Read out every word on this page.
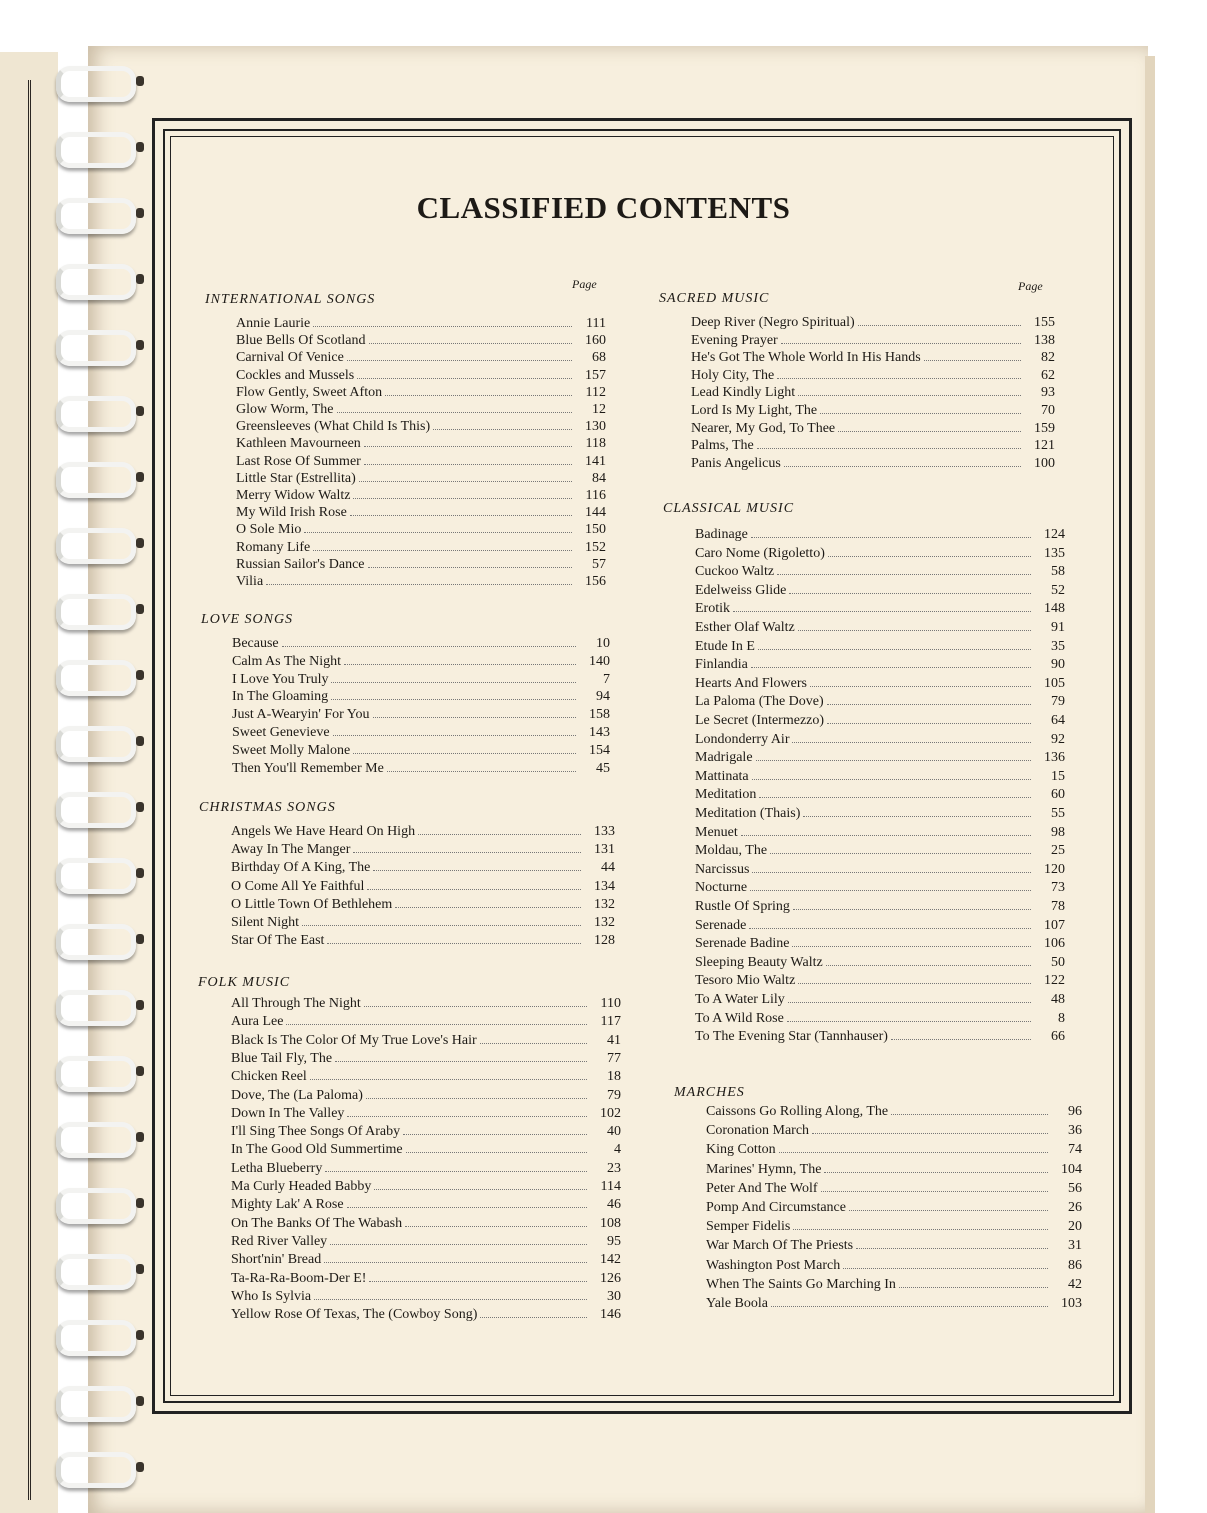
CLASSIFIED CONTENTS
Page	Page
INTERNATIONAL SONGS
Annie Laurie	111
Blue Bells Of Scotland	160
Carnival Of Venice	68
Cockles and Mussels	157
Flow Gently, Sweet Afton	112
Glow Worm, The	12
Greensleeves (What Child Is This)	130
Kathleen Mavourneen	118
Last Rose Of Summer	141
Little Star (Estrellita)	84
Merry Widow Waltz	116
My Wild Irish Rose	144
O Sole Mio	150
Romany Life	152
Russian Sailor's Dance	57
Vilia	156
LOVE SONGS
Because	10
Calm As The Night	140
I Love You Truly	7
In The Gloaming	94
Just A-Wearyin' For You	158
Sweet Genevieve	143
Sweet Molly Malone	154
Then You'll Remember Me	45
CHRISTMAS SONGS
Angels We Have Heard On High	133
Away In The Manger	131
Birthday Of A King, The	44
O Come All Ye Faithful	134
O Little Town Of Bethlehem	132
Silent Night	132
Star Of The East	128
FOLK MUSIC
All Through The Night	110
Aura Lee	117
Black Is The Color Of My True Love's Hair	41
Blue Tail Fly, The	77
Chicken Reel	18
Dove, The (La Paloma)	79
Down In The Valley	102
I'll Sing Thee Songs Of Araby	40
In The Good Old Summertime	4
Letha Blueberry	23
Ma Curly Headed Babby	114
Mighty Lak' A Rose	46
On The Banks Of The Wabash	108
Red River Valley	95
Short'nin' Bread	142
Ta-Ra-Ra-Boom-Der E!	126
Who Is Sylvia	30
Yellow Rose Of Texas, The (Cowboy Song)	146
SACRED MUSIC
Deep River (Negro Spiritual)	155
Evening Prayer	138
He's Got The Whole World In His Hands	82
Holy City, The	62
Lead Kindly Light	93
Lord Is My Light, The	70
Nearer, My God, To Thee	159
Palms, The	121
Panis Angelicus	100
CLASSICAL MUSIC
Badinage	124
Caro Nome (Rigoletto)	135
Cuckoo Waltz	58
Edelweiss Glide	52
Erotik	148
Esther Olaf Waltz	91
Etude In E	35
Finlandia	90
Hearts And Flowers	105
La Paloma (The Dove)	79
Le Secret (Intermezzo)	64
Londonderry Air	92
Madrigale	136
Mattinata	15
Meditation	60
Meditation (Thais)	55
Menuet	98
Moldau, The	25
Narcissus	120
Nocturne	73
Rustle Of Spring	78
Serenade	107
Serenade Badine	106
Sleeping Beauty Waltz	50
Tesoro Mio Waltz	122
To A Water Lily	48
To A Wild Rose	8
To The Evening Star (Tannhauser)	66
MARCHES
Caissons Go Rolling Along, The	96
Coronation March	36
King Cotton	74
Marines' Hymn, The	104
Peter And The Wolf	56
Pomp And Circumstance	26
Semper Fidelis	20
War March Of The Priests	31
Washington Post March	86
When The Saints Go Marching In	42
Yale Boola	103
